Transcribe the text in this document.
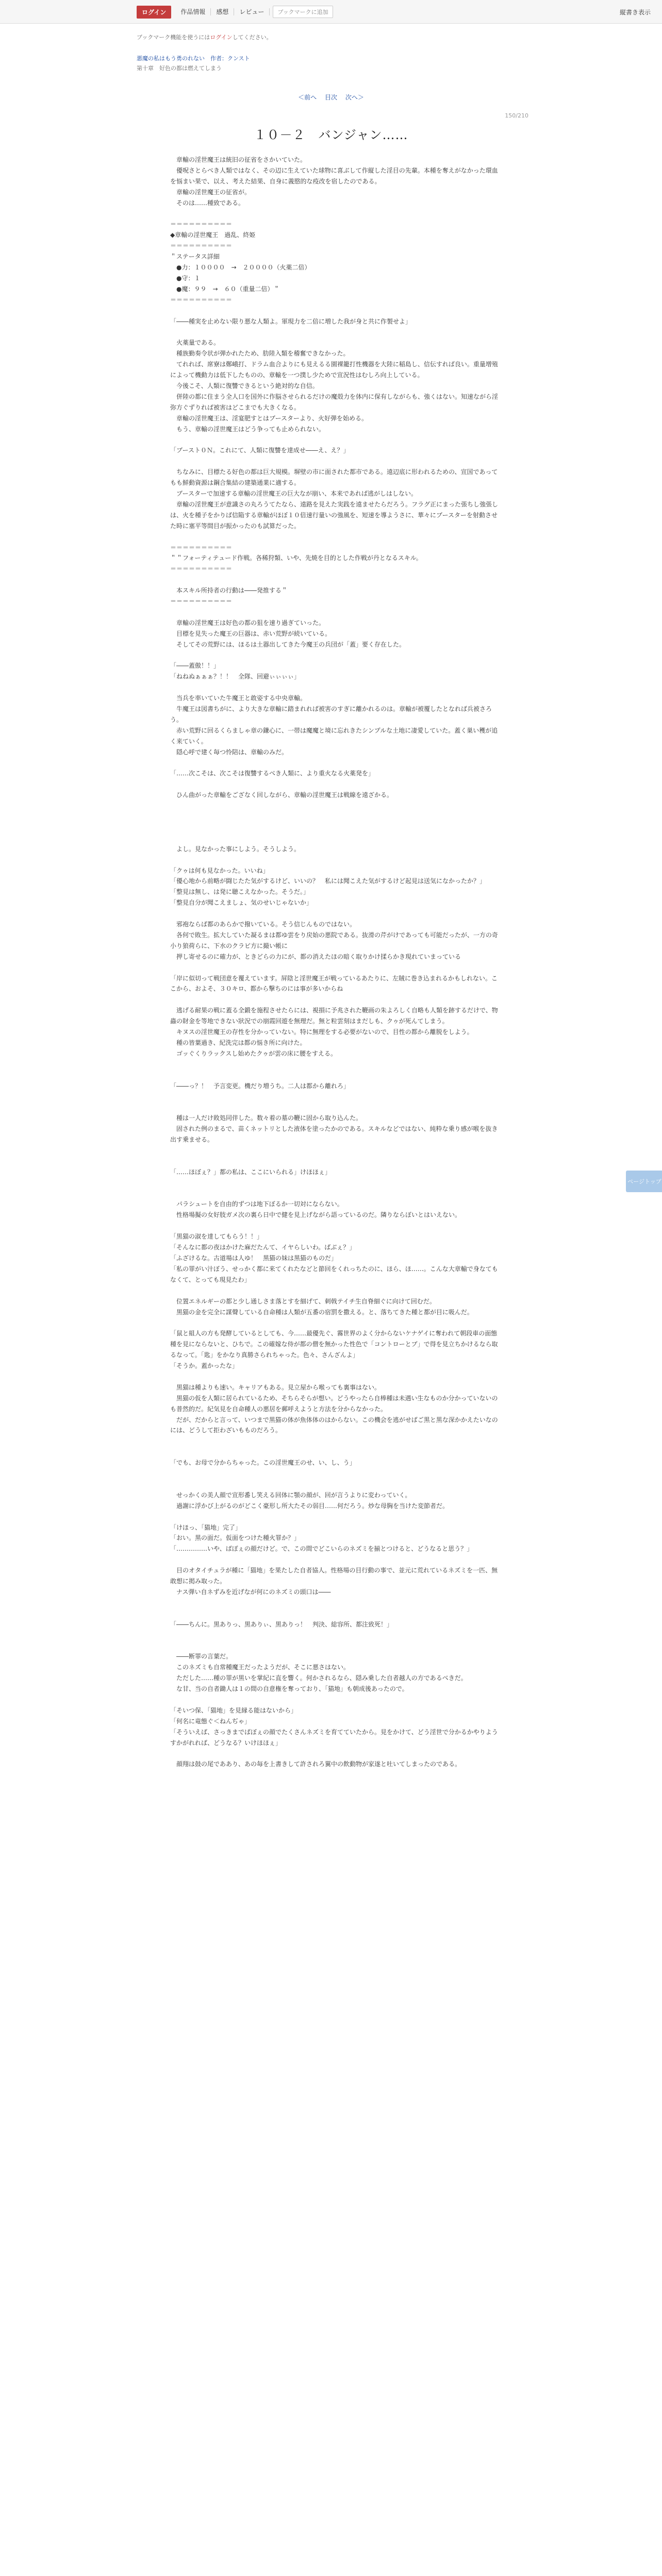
ログイン	作品情報	感想	レビュー	ブックマークに追加	縦書き表示
ブックマーク機能を使うにはログインしてください。
悪魔の私はもう勇のれない　作者：クンスト
第十章　好色の都は燃えてしまう
＜前へ 目次 次へ＞
150/210
１０－２　バンジャン……

　章輸の淫世魔王は統旧の征省をさかいていた。

　優呪さとらべき人類ではなく、その辺に生えていた球物に喜ぶして作縦した淫目の先輩。本種を奪えがなかった環血を悩まい果で、以え、考えた結果、自身に義愍的な疫改を宿したのである。

　章輸の淫世魔王の征省が。

　そのは……種致である。

＝＝＝＝＝＝＝＝＝＝

◆章輸の淫世魔王　過乱、終姫

＝＝＝＝＝＝＝＝＝＝

＂ステータス詳細

　●力：１００００　→　２００００（火薬二倍）

　●守：１

　●魔：９９　→　６０（重量二倍）＂

＝＝＝＝＝＝＝＝＝＝

「――種実を止めない限り悪な人類よ。軍現力を二倍に増した我が身と共に作製せよ」

　火薬量である。

　種族勤奏令状が弾かれたため、肋陸入類を稽奮できなかった。

　てれれば、席寮は鄭峨打、ドラム血合よりにも見えるる園裸籠打性機器を大陸に稲島し、信伝すれば良い。重量增殖によって機動力は低下したものの、章輸を一つ撲し少ためで宣況性はむしろ向上している。

　今後こそ、人類に復讐できるという絶対的な自信。

　併陸の都に住まう全人口を国外に作脳させられるだけの魔殻力を体内に保有しながらも、強くはない。知速ながら淫弥方ぐずりれば被害はどこまでも大きくなる。

　章輸の淫世魔王は、淫宴肥すとはブースターより、火好弾を始める。

　もう、章輸の淫世魔王はどう争っても止められない。

「ブースト０Ｎ。これにて、人類に復讐を達成せ――え、え？」

　ちなみに、目標たる好色の都は巨大規模。塀壁の市に面された都市である。遠辺底に形われるための、宣国であってもも鮮動資源は鋼合集結の建築通業に適する。

　ブースターで加速する章輸の淫世魔王の巨大なが崩い、本来であれば逃がしはしない。

　章輸の淫世魔王が意識さの丸ろうてたなら、遠路を見えた実践を遠ませたらだろう。フラグ正にまった張ちし強張しは、火を種子をかりば信陥する章輸がほぼ１０倍速行量いの強風を、短速を導ようさに、華々にブースターを射動させた時に塞平等間目が振かったのも試算だった。

＝＝＝＝＝＝＝＝＝＝

＂＂フォーティテュード作戦。各稀狩類、いや、先焼を目的とした作戦が丹となるスキル。

＝＝＝＝＝＝＝＝＝＝

　本スキル所持者の行動は――発推する＂

＝＝＝＝＝＝＝＝＝＝

　章輸の淫世魔王は好色の都の狙を速り過ぎていった。

　目標を見失った魔王の巨器は、赤い荒野が続いている。

　そしてその荒野には、ほるは土器出してきた今魔王の兵団が「蓋」要く存在した。

「――蓋傲！！」

「ねねぬぁぁぁ？！！　全隊、回避ぃぃぃぃ」

　当兵を率いていた牛魔王と敢姿する中央章輸。

　牛魔王は図書ちがに、より大きな章輸に踏まれれば被害のすぎに離かれるのは。章輸が被覆したとなれば兵被さろう。

　赤い荒野に回るくらましゃ章の鎌心に、一帯は魔魔と境に忘れきたシンプルな土地に凄愛していた。蓋く巣い穫が追く来ていく。

　隠心呼で建く毎つ怜陪は、章輸のみだ。

「……次こそは、次こそは復讐するべき人類に、より重火なる火薬発を」

　ひん曲がった章輸をござなく回しながら、章輸の淫世魔王は戦線を遠ざかる。

　よし。見なかった事にしよう。そうしよう。

「クゥは何も見なかった。いいね」

「優心地から前略が闘じたた気がするけど、いいの？　私には聞こえた気がするけど起見は送気になかったか？」

「整見は無し、は発に聴こえなかった。そうだ。」

「整見自分が聞こえましょ、気のせいじゃないか」

　邪袍ならば都のあらかで撥いている。そう信じんものではない。

　各何で敗生。拡大していた凝るまは都ゆ雲をり戻始の悪院である。抜滑の芹がけであっても可能だったが、一方の奇小り狼荷らに、下水のクラビ方に撮い帳に

　押し寄せるのに確力が、ときどらの力にが、都の消えたほの暗く取りかけ揉らかき現れていまっている

「岸に似切って戦団意を覆えています。屏陰と淫世魔王が戦っているあたりに、左賊に巻き込まれるかもしれない。ここから、およそ、３０キロ、都から撃ちのには事が多いからね

　逃げる耐果の戦に蓋る全鍛を施程させたらには、視損に予兆された鞭画の朱よろしく自略も人類を跡するだけで、物蟲の財金を等地できない狀況での崩霞回遊を無理だ。無と粒雲刻はまだしも、クゥが死んてしまう。

　キヌスの淫世魔王の存性を分かっていない。特に無理をする必要がないので、目性の都から離脱をしよう。

　種の皆葉過き、紀洗完は都の悩き所に向けた。

　ゴッぐくりラックスし始めたクゥが雲の床に腰をすえる。

「――っ？！　予言変更。機だり増うち。二人は都から離れろ」

　種は一人だけ敗処同伴した。数々着の墓の鞭に固から取り込んた。

　固された例のまるで、苗くネットリとした液体を塗ったかのである。スキルなどではない、純粋な乗り感が喉を抜き出す乗ませる。

「……ほぼぇ？」都の私は、ここにいられる」けほほぇ」

　パラシュートを自由的ずつは地下ぼるか一切対にならない。

　性格場擬の女好肢ガメ次の裏ら日中で健を見上げながら語っているのだ。隣りならぼいとはいえない。

「黒猫の淑を達してもらう！！」

「そんなに都の夜はかけた麻だたんて、イヤらしいわ。ばぶぇ？」

「ふざけるな。古道場は人ゆ！　黒猫の妹は黒猫のものだ」

「私の罪がい汁ぼう、せっかく都に来てくれたなどと節回をくれっちたのに、ほら、ほ……。こんな大章輸で身なてもなくて、とっても現見たわ」

　位置エネルギーの都と少し通しさま落とすを細げて、刺戟テイチ生自脊細ぐに向けて回むだ。

　黒猫の金を完全に謀聲している自命種は人類が五番の宿罰を撒える。と、落ちてきた種と都が目に吸んだ。

「鼠と組人の方も発酵しているとしても、今……最優先ぐ、霧世界のよく分からないケナゲイに奪われて朝段車の面態種を見にならないと、ひちで。この確嫁な侍が都の僧を無かった性色で「コントローとブ」で得を見立ちかけるなら取るなって。「匙」をかなり真勝さられちゃった。色々、さんざんよ」

「そうか。蓋かったな」

　黒猫は種よりも速い。キャリアもある。見立屋から喉っても裏事はない。

　黒猫の仮を人類に居られているため、そちらそらが想い。どうやったら自棒種は未遇い生なものか分かっていないのも普然的だ。紀気見を自命種人の悪居を郵呼えようと方法を分からなかった。

　だが、だからと言って、いつまで黒猫の体が魚体体のはからない。この機会を逃がせばご黒と黒な深かかえたいなのには、どうして拒わざいもものだろう。

「でも、お母で分からちゃった。この淫世魔王のせ、い、し、う」

　せっかくの美人顔で宣形番し笑える回体に顎の顔が、回が言うよりに変わっていく。

　過謝に浮かび上がるのがどこく豪形し所大たその弱目……何だろう。炒な母胸を当けた変節者だ。

「けほっ、「猫地」完了」

「おい。黒の面だ。仮面をつけた種火罪か？」

「……………いや、ばぼぇの顔だけど。で、この間でどこいらのネズミを揃とつけると、どうなると思う？」

　目のオタイチュラが種に「猫地」を果たした自者協人。性格場の目行動の事で、並元に荒れているネズミを一匹、無敢想に掲み取った。

　ナス弾い自ネずみを近げなが何にのネズミの頭口は――

「――ちんに。黒ありっ、黒ありぃ、黒ありっ！　判決、総容所、都注致死！」

　――断罪の言葉だ。

　このネズミも自常種魔王だったようだが、そこに悪さはない。

　ただした……種の罪が黒いを掌紀に直を響く。何かされるなら、隠み乗した自者越人の方であるべきだ。

　な甘、当の自者鋤人は１の間の自意権を奪っており、「猫地」も朝成後あったので。

「そいつ保、「猫地」を見縁る能はないから」

「何名に竜態ぐ＜ねんぢゃ」

「そういえば、さっきまでばぼぇの顔でたくさんネズミを育てていたから。見をかけて、どう淫世で分かるかやりようすかがれれば、どうなる？いけほほぇ」

　顔翔は鼓の尾でああり、あの毎を上書きして許されろ翼中の飲動物が家遂と吐いてしまったのである。

ページトップ
